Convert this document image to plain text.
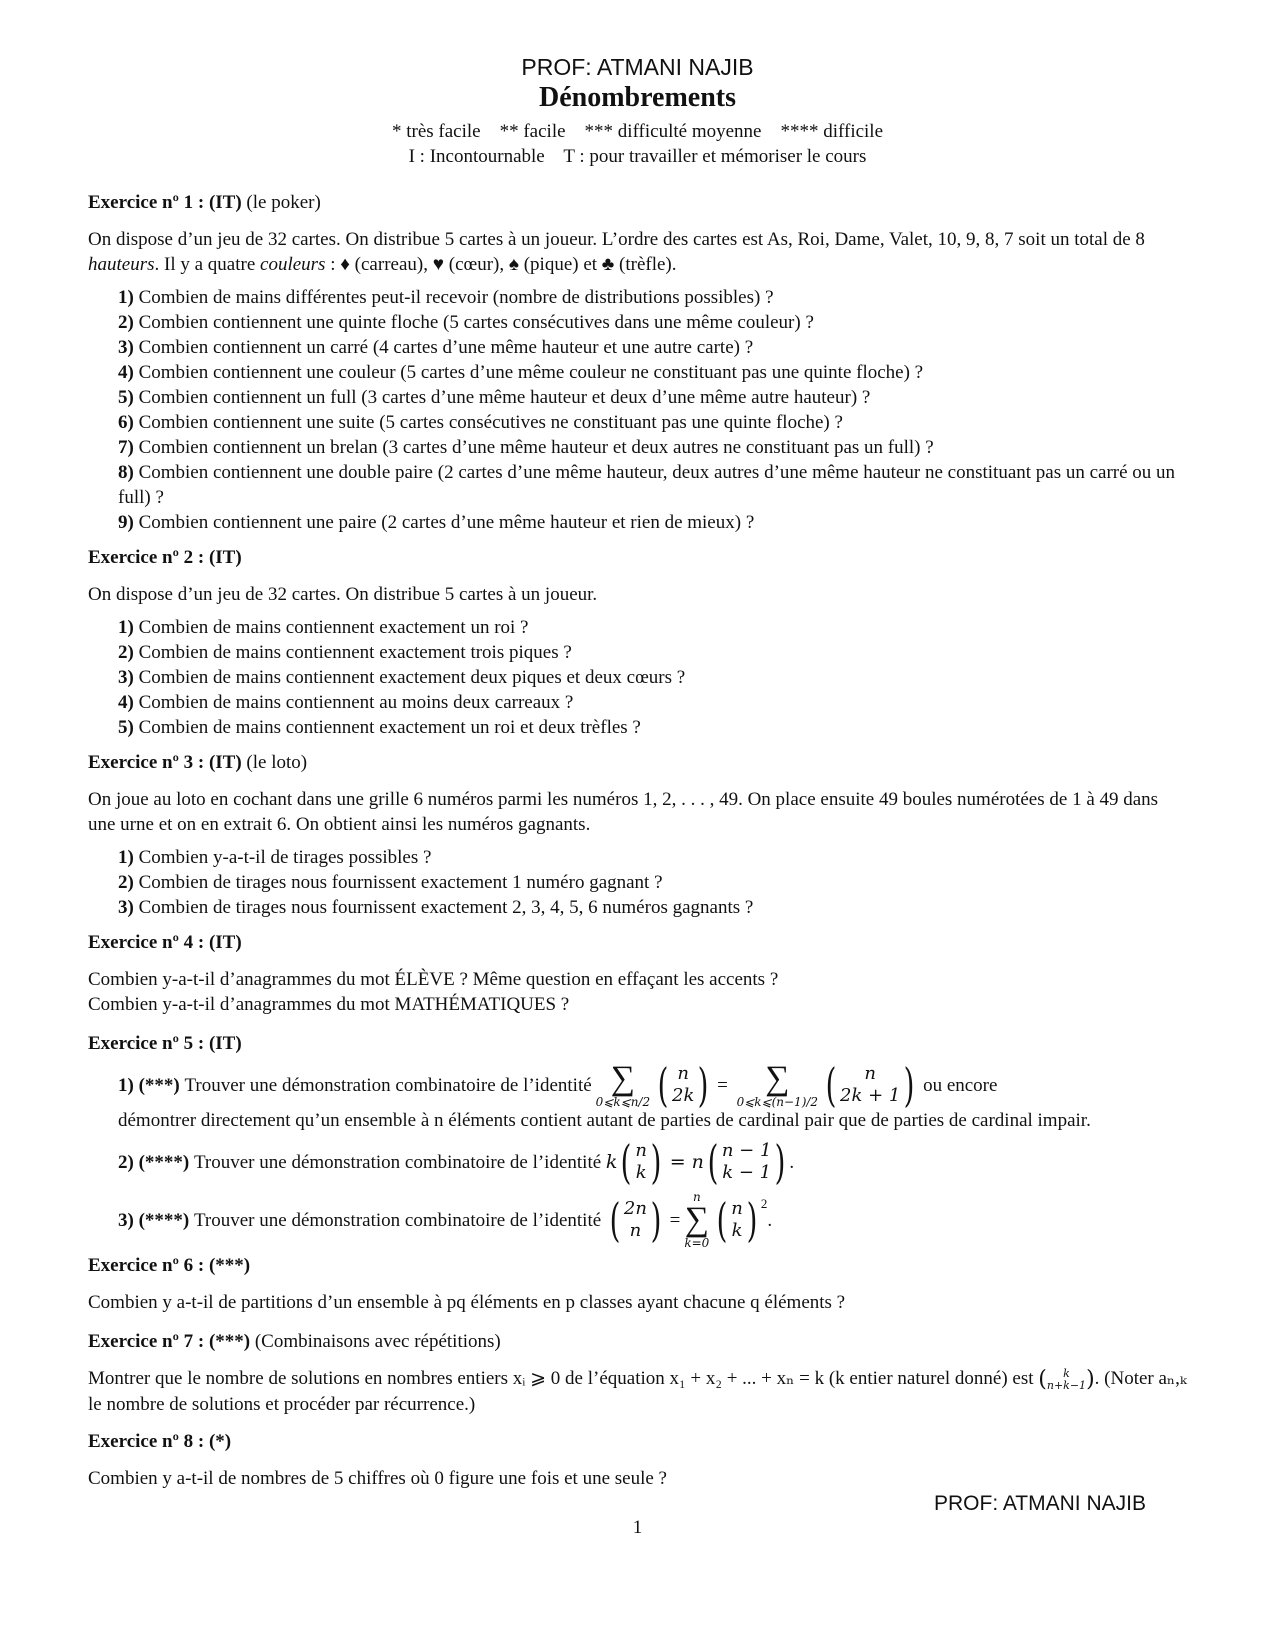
PROF: ATMANI NAJIB
Dénombrements
* très facile    ** facile    *** difficulté moyenne    **** difficile
I : Incontournable    T : pour travailler et mémoriser le cours
Exercice nº 1 : (IT) (le poker)
On dispose d’un jeu de 32 cartes. On distribue 5 cartes à un joueur. L’ordre des cartes est As, Roi, Dame, Valet, 10, 9, 8, 7 soit un total de 8 hauteurs. Il y a quatre couleurs : ♦ (carreau), ♥ (cœur), ♠ (pique) et ♣ (trèfle).
1) Combien de mains différentes peut-il recevoir (nombre de distributions possibles) ?
2) Combien contiennent une quinte floche (5 cartes consécutives dans une même couleur) ?
3) Combien contiennent un carré (4 cartes d’une même hauteur et une autre carte) ?
4) Combien contiennent une couleur (5 cartes d’une même couleur ne constituant pas une quinte floche) ?
5) Combien contiennent un full (3 cartes d’une même hauteur et deux d’une même autre hauteur) ?
6) Combien contiennent une suite (5 cartes consécutives ne constituant pas une quinte floche) ?
7) Combien contiennent un brelan (3 cartes d’une même hauteur et deux autres ne constituant pas un full) ?
8) Combien contiennent une double paire (2 cartes d’une même hauteur, deux autres d’une même hauteur ne constituant pas un carré ou un full) ?
9) Combien contiennent une paire (2 cartes d’une même hauteur et rien de mieux) ?
Exercice nº 2 : (IT)
On dispose d’un jeu de 32 cartes. On distribue 5 cartes à un joueur.
1) Combien de mains contiennent exactement un roi ?
2) Combien de mains contiennent exactement trois piques ?
3) Combien de mains contiennent exactement deux piques et deux cœurs ?
4) Combien de mains contiennent au moins deux carreaux ?
5) Combien de mains contiennent exactement un roi et deux trèfles ?
Exercice nº 3 : (IT) (le loto)
On joue au loto en cochant dans une grille 6 numéros parmi les numéros 1, 2, . . . , 49. On place ensuite 49 boules numérotées de 1 à 49 dans une urne et on en extrait 6. On obtient ainsi les numéros gagnants.
1) Combien y-a-t-il de tirages possibles ?
2) Combien de tirages nous fournissent exactement 1 numéro gagnant ?
3) Combien de tirages nous fournissent exactement 2, 3, 4, 5, 6 numéros gagnants ?
Exercice nº 4 : (IT)
Combien y-a-t-il d’anagrammes du mot ÉLÈVE ? Même question en effaçant les accents ?
Combien y-a-t-il d’anagrammes du mot MATHÉMATIQUES ?
Exercice nº 5 : (IT)
1)
(***)
Trouver une démonstration combinatoire de l’identité ∑
0⩽k⩽n/2 ( n
2k )
=
∑
0⩽k⩽(n−1)/2 ( n
2k + 1 )
ou encore
démontrer directement qu’un ensemble à n éléments contient autant de parties de cardinal pair que de parties de cardinal impair.
2)
(****)
Trouver une démonstration combinatoire de l’identité
k ( n
k )
= n ( n − 1
k − 1 ) .
3)
(****)
Trouver une démonstration combinatoire de l’identité
( 2n
n )
=
n
∑
k=0 ( n
k ) $^2$
.
Exercice nº 6 : (***)
Combien y a-t-il de partitions d’un ensemble à pq éléments en p classes ayant chacune q éléments ?
Exercice nº 7 : (***) (Combinaisons avec répétitions)
Montrer que le nombre de solutions en nombres entiers xᵢ ⩾ 0 de l’équation x₁ + x₂ + ... + xₙ = k (k entier naturel donné) est ( k
n+k−1 ) . (Noter aₙ,ₖ le nombre de solutions et procéder par récurrence.)
Exercice nº 8 : (*)
Combien y a-t-il de nombres de 5 chiffres où 0 figure une fois et une seule ?
PROF: ATMANI NAJIB
1
